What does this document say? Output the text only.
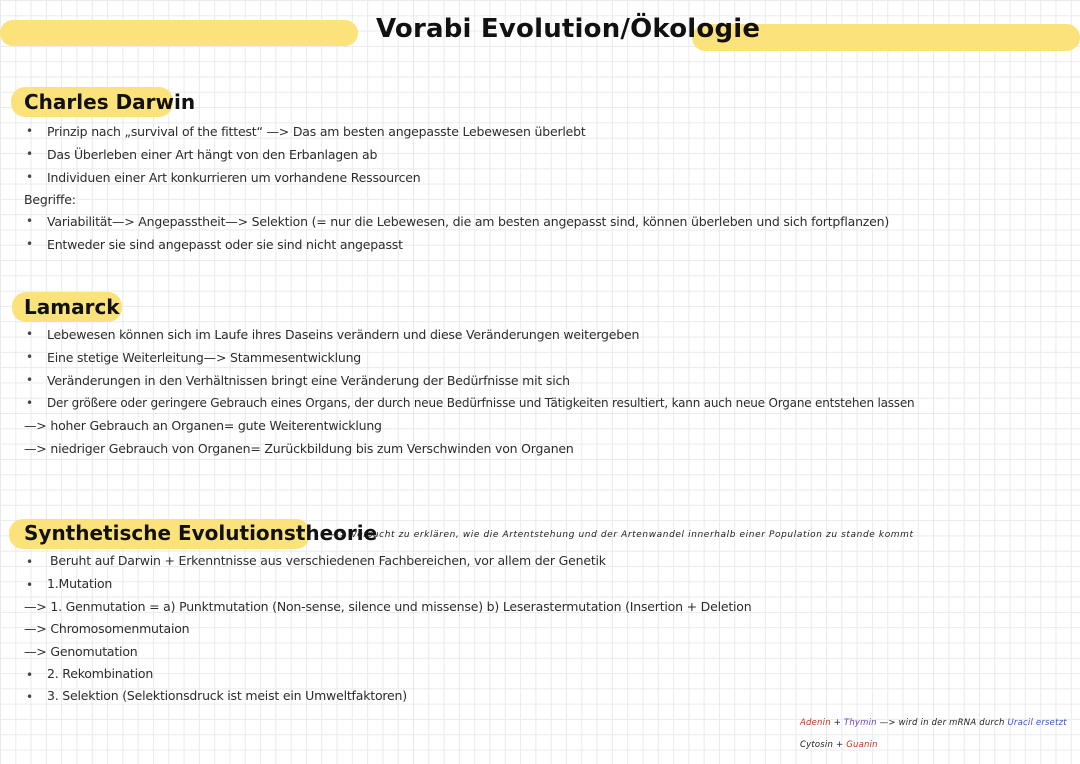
Vorabi Evolution/Ökologie
Charles Darwin
• Prinzip nach „survival of the fittest“ —> Das am besten angepasste Lebewesen überlebt
• Das Überleben einer Art hängt von den Erbanlagen ab
• Individuen einer Art konkurrieren um vorhandene Ressourcen
Begriffe:
• Variabilität—> Angepasstheit—> Selektion (= nur die Lebewesen, die am besten angepasst sind, können überleben und sich fortpflanzen)
• Entweder sie sind angepasst oder sie sind nicht angepasst
Lamarck
• Lebewesen können sich im Laufe ihres Daseins verändern und diese Veränderungen weitergeben
• Eine stetige Weiterleitung—> Stammesentwicklung
• Veränderungen in den Verhältnissen bringt eine Veränderung der Bedürfnisse mit sich
• Der größere oder geringere Gebrauch eines Organs, der durch neue Bedürfnisse und Tätigkeiten resultiert, kann auch neue Organe entstehen lassen
—> hoher Gebrauch an Organen= gute Weiterentwicklung
—> niedriger Gebrauch von Organen= Zurückbildung bis zum Verschwinden von Organen
Synthetische Evolutionstheorie
—> versucht zu erklären, wie die Artentstehung und der Artenwandel innerhalb einer Population zu stande kommt
• Beruht auf Darwin + Erkenntnisse aus verschiedenen Fachbereichen, vor allem der Genetik
• 1.Mutation
—> 1. Genmutation = a) Punktmutation (Non-sense, silence und missense) b) Leserastermutation (Insertion + Deletion
—> Chromosomenmutaion
—> Genomutation
• 2. Rekombination
• 3. Selektion (Selektionsdruck ist meist ein Umweltfaktoren)
Adenin + Thymin —> wird in der mRNA durch Uracil ersetzt
Cytosin + Guanin
